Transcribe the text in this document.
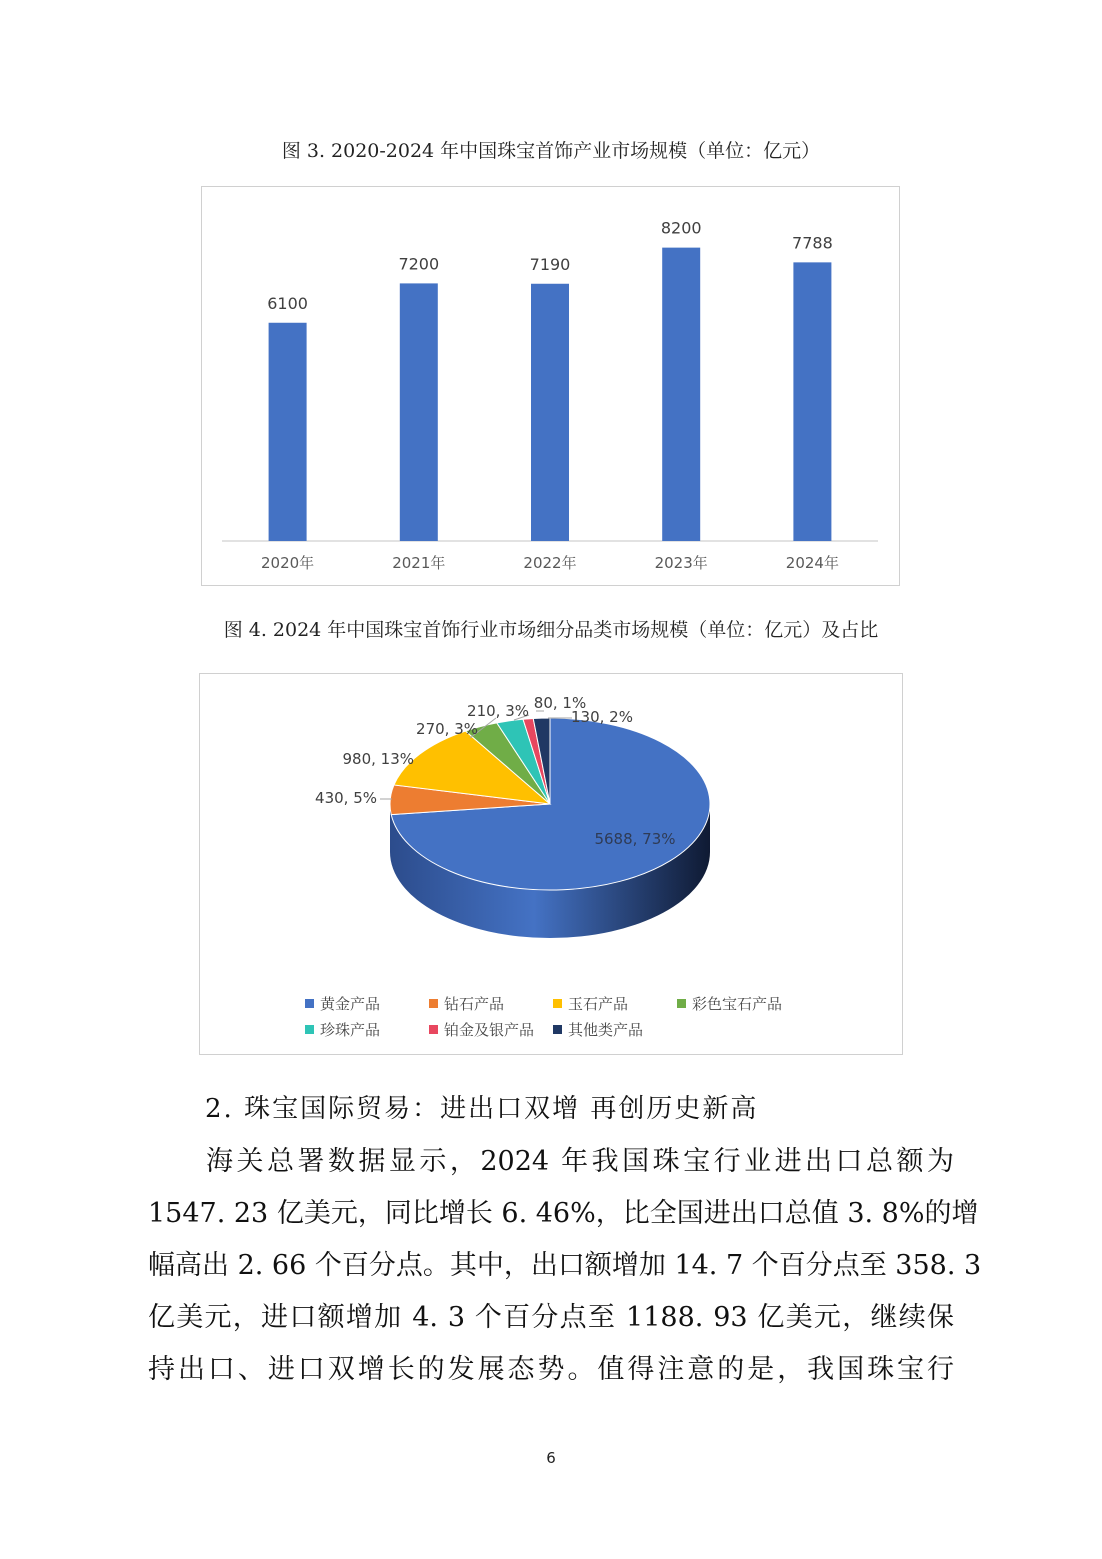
图 3. 2020-2024 年中国珠宝首饰产业市场规模（单位：亿元）
6100
2020年
7200
2021年
7190
2022年
8200
2023年
7788
2024年
图 4. 2024 年中国珠宝首饰行业市场细分品类市场规模（单位：亿元）及占比
5688, 73%
430, 5%
980, 13%
270, 3%
210, 3% 80, 1%
130, 2%
黄金产品	钻石产品	玉石产品	彩色宝石产品
珍珠产品	铂金及银产品 其他类产品
2. 珠宝国际贸易：进出口双增 再创历史新高
海关总署数据显示，2024 年我国珠宝行业进出口总额为
1547. 23 亿美元，同比增长 6. 46%，比全国进出口总值 3. 8%的增
幅高出 2. 66 个百分点。其中，出口额增加 14. 7 个百分点至 358. 3
亿美元，进口额增加 4. 3 个百分点至 1188. 93 亿美元，继续保
持出口、进口双增长的发展态势。值得注意的是，我国珠宝行
6
